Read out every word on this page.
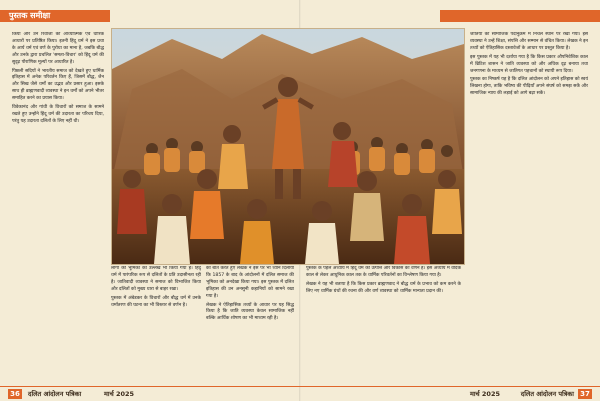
पुस्तक समीक्षा

किया और उन रिवाजों को आध्यात्मिक एवं धीरिक आधारों पर प्रतिष्ठित किया। इतनी हिंदू धर्म ने इस प्रथा के आर्य धर्म एवं वर्ण के पुरोधा का माना है, जबकि बौद्ध और उनके द्वारा प्रचलित 'समता-विचार' को हिंदू धर्म की सुदृढ़ पौराणिक मूल्यों पर आधारित है।

पिछली सदियों ने भारतीय समाज को देखते हुए धार्मिक इतिहास में अनेक परिवर्तन किए हैं, जिसमें बौद्ध, जैन और सिख जैसे धर्मों का उद्भव और प्रसार हुआ। इसके साथ ही ब्राह्मणवादी व्यवस्था ने इन धर्मों को अपने भीतर समाहित करने का प्रयास किया।

विवेकानंद और गांधी के विचारों को समाज के सामने रखते हुए उन्होंने हिंदू धर्म की उदारता का परिचय दिया, परंतु यह उदारता दलितों के लिए नहीं थी।

लोगों की भूमिका का उल्लेख भी किया गया है। हिंदू धर्म में पारंपरिक रूप से दलितों के प्रति उदासीनता रही है। जातिवादी व्यवस्था ने समाज को विभाजित किया और दलितों को मुख्य धारा से बाहर रखा।

पुस्तक में अंबेडकर के विचारों और बौद्ध धर्म में उनके धर्मांतरण की घटना का भी विस्तार से वर्णन है।

की बात करते हुए लेखक ने इस पर भी ध्यान दिलाया कि 1857 के बाद के आंदोलनों में दलित समाज की भूमिका को अनदेखा किया गया। इस पुस्तक में दलित इतिहास की उन अनसुनी कहानियों को सामने रखा गया है।

लेखक ने ऐतिहासिक तथ्यों के आधार पर यह सिद्ध किया है कि जाति व्यवस्था केवल सामाजिक नहीं बल्कि आर्थिक शोषण का भी माध्यम रही है।

पुस्तक के पहले अध्याय में हिंदू धर्म की उत्पत्ति और विकास का वर्णन है। इस अध्याय में वैदिक काल से लेकर आधुनिक काल तक के धार्मिक परिवर्तनों का विश्लेषण किया गया है।

लेखक ने यह भी बताया है कि किस प्रकार ब्राह्मणवाद ने बौद्ध धर्म के प्रभाव को कम करने के लिए नए धार्मिक ग्रंथों की रचना की और वर्ण व्यवस्था को धार्मिक मान्यता प्रदान की।

जातियों को सामाजिक पदानुक्रम में निचले स्थान पर रखा गया। इस व्यवस्था ने उन्हें शिक्षा, संपत्ति और सम्मान से वंचित किया। लेखक ने इन तथ्यों को ऐतिहासिक दस्तावेजों के आधार पर प्रस्तुत किया है।

इस पुस्तक में यह भी दर्शाया गया है कि किस प्रकार औपनिवेशिक काल में ब्रिटिश शासन ने जाति व्यवस्था को और अधिक दृढ़ बनाया तथा जनगणना के माध्यम से जातिगत पहचानों को स्थायी रूप दिया।

पुस्तक का निष्कर्ष यह है कि दलित आंदोलन को अपने इतिहास को स्वयं लिखना होगा, ताकि भविष्य की पीढ़ियाँ अपने संघर्ष को समझ सकें और सामाजिक न्याय की लड़ाई को आगे बढ़ा सकें।

36	दलित आंदोलन पत्रिका	मार्च 2025	मार्च 2025	दलित आंदोलन पत्रिका 37
